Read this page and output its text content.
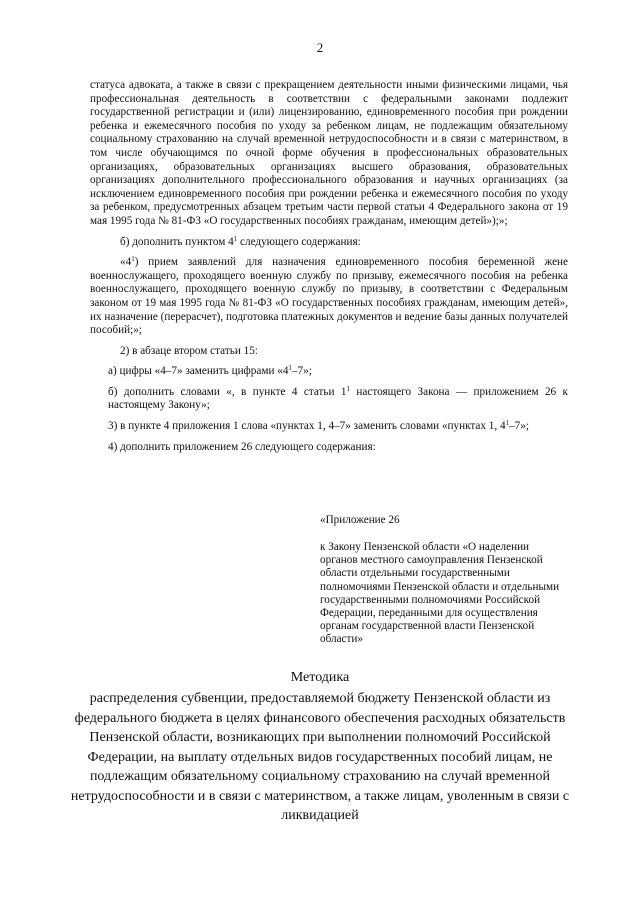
2

статуса адвоката, а также в связи с прекращением деятельности иными физическими лицами, чья профессиональная деятельность в соответствии с федеральными законами подлежит государственной регистрации и (или) лицензированию, единовременного пособия при рождении ребенка и ежемесячного пособия по уходу за ребенком лицам, не подлежащим обязательному социальному страхованию на случай временной нетрудоспособности и в связи с материнством, в том числе обучающимся по очной форме обучения в профессиональных образовательных организациях, образовательных организациях высшего образования, образовательных организациях дополнительного профессионального образования и научных организациях (за исключением единовременного пособия при рождении ребенка и ежемесячного пособия по уходу за ребенком, предусмотренных абзацем третьим части первой статьи 4 Федерального закона от 19 мая 1995 года № 81-ФЗ «О государственных пособиях гражданам, имеющим детей»);»;

б) дополнить пунктом $4^1$ следующего содержания:

«$4^1$) прием заявлений для назначения единовременного пособия беременной жене военнослужащего, проходящего военную службу по призыву, ежемесячного пособия на ребенка военнослужащего, проходящего военную службу по призыву, в соответствии с Федеральным законом от 19 мая 1995 года № 81-ФЗ «О государственных пособиях гражданам, имеющим детей», их назначение (перерасчет), подготовка платежных документов и ведение базы данных получателей пособий;»;

2) в абзаце втором статьи 15:

а) цифры «4–7» заменить цифрами «$4^1-7$»;

б) дополнить словами «, в пункте 4 статьи $1^1$ настоящего Закона — приложением 26 к настоящему Закону»;

3) в пункте 4 приложения 1 слова «пунктах 1, 4–7» заменить словами «пунктах 1, $4^1-7$»;

4) дополнить приложением 26 следующего содержания:

«Приложение 26
к Закону Пензенской области «О наделении органов местного самоуправления Пензенской области отдельными государственными полномочиями Пензенской области и отдельными государственными полномочиями Российской Федерации, переданными для осуществления органам государственной власти Пензенской области»
Методика
распределения субвенции, предоставляемой бюджету Пензенской области из федерального бюджета в целях финансового обеспечения расходных обязательств Пензенской области, возникающих при выполнении полномочий Российской Федерации, на выплату отдельных видов государственных пособий лицам, не подлежащим обязательному социальному страхованию на случай временной нетрудоспособности и в связи с материнством, а также лицам, уволенным в связи с ликвидацией
